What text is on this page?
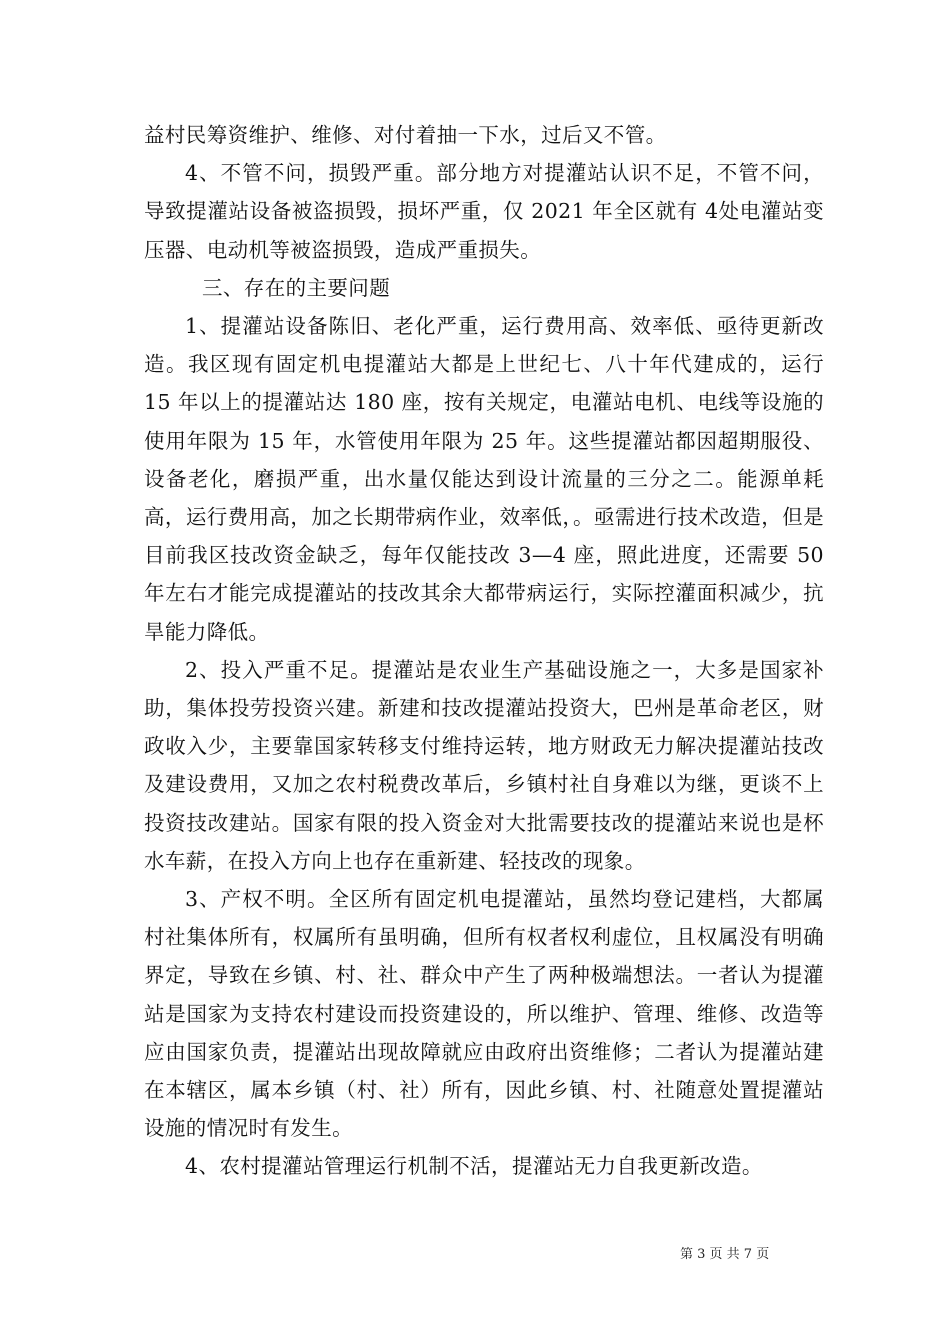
益村民筹资维护、维修、对付着抽一下水，过后又不管。

4、不管不问，损毁严重。部分地方对提灌站认识不足，不管不问，导致提灌站设备被盗损毁，损坏严重，仅 2021 年全区就有 4处电灌站变压器、电动机等被盗损毁，造成严重损失。

三、存在的主要问题

1、提灌站设备陈旧、老化严重，运行费用高、效率低、亟待更新改造。我区现有固定机电提灌站大都是上世纪七、八十年代建成的，运行 15 年以上的提灌站达 180 座，按有关规定，电灌站电机、电线等设施的使用年限为 15 年，水管使用年限为 25 年。这些提灌站都因超期服役、设备老化，磨损严重，出水量仅能达到设计流量的三分之二。能源单耗高，运行费用高，加之长期带病作业，效率低，。亟需进行技术改造，但是目前我区技改资金缺乏，每年仅能技改 3—4 座，照此进度，还需要 50 年左右才能完成提灌站的技改其余大都带病运行，实际控灌面积减少，抗旱能力降低。

2、投入严重不足。提灌站是农业生产基础设施之一，大多是国家补助，集体投劳投资兴建。新建和技改提灌站投资大，巴州是革命老区，财政收入少，主要靠国家转移支付维持运转，地方财政无力解决提灌站技改及建设费用，又加之农村税费改革后，乡镇村社自身难以为继，更谈不上投资技改建站。国家有限的投入资金对大批需要技改的提灌站来说也是杯水车薪，在投入方向上也存在重新建、轻技改的现象。

3、产权不明。全区所有固定机电提灌站，虽然均登记建档，大都属村社集体所有，权属所有虽明确，但所有权者权利虚位，且权属没有明确界定，导致在乡镇、村、社、群众中产生了两种极端想法。一者认为提灌站是国家为支持农村建设而投资建设的，所以维护、管理、维修、改造等应由国家负责，提灌站出现故障就应由政府出资维修；二者认为提灌站建在本辖区，属本乡镇（村、社）所有，因此乡镇、村、社随意处置提灌站设施的情况时有发生。

4、农村提灌站管理运行机制不活，提灌站无力自我更新改造。

第 3 页 共 7 页
